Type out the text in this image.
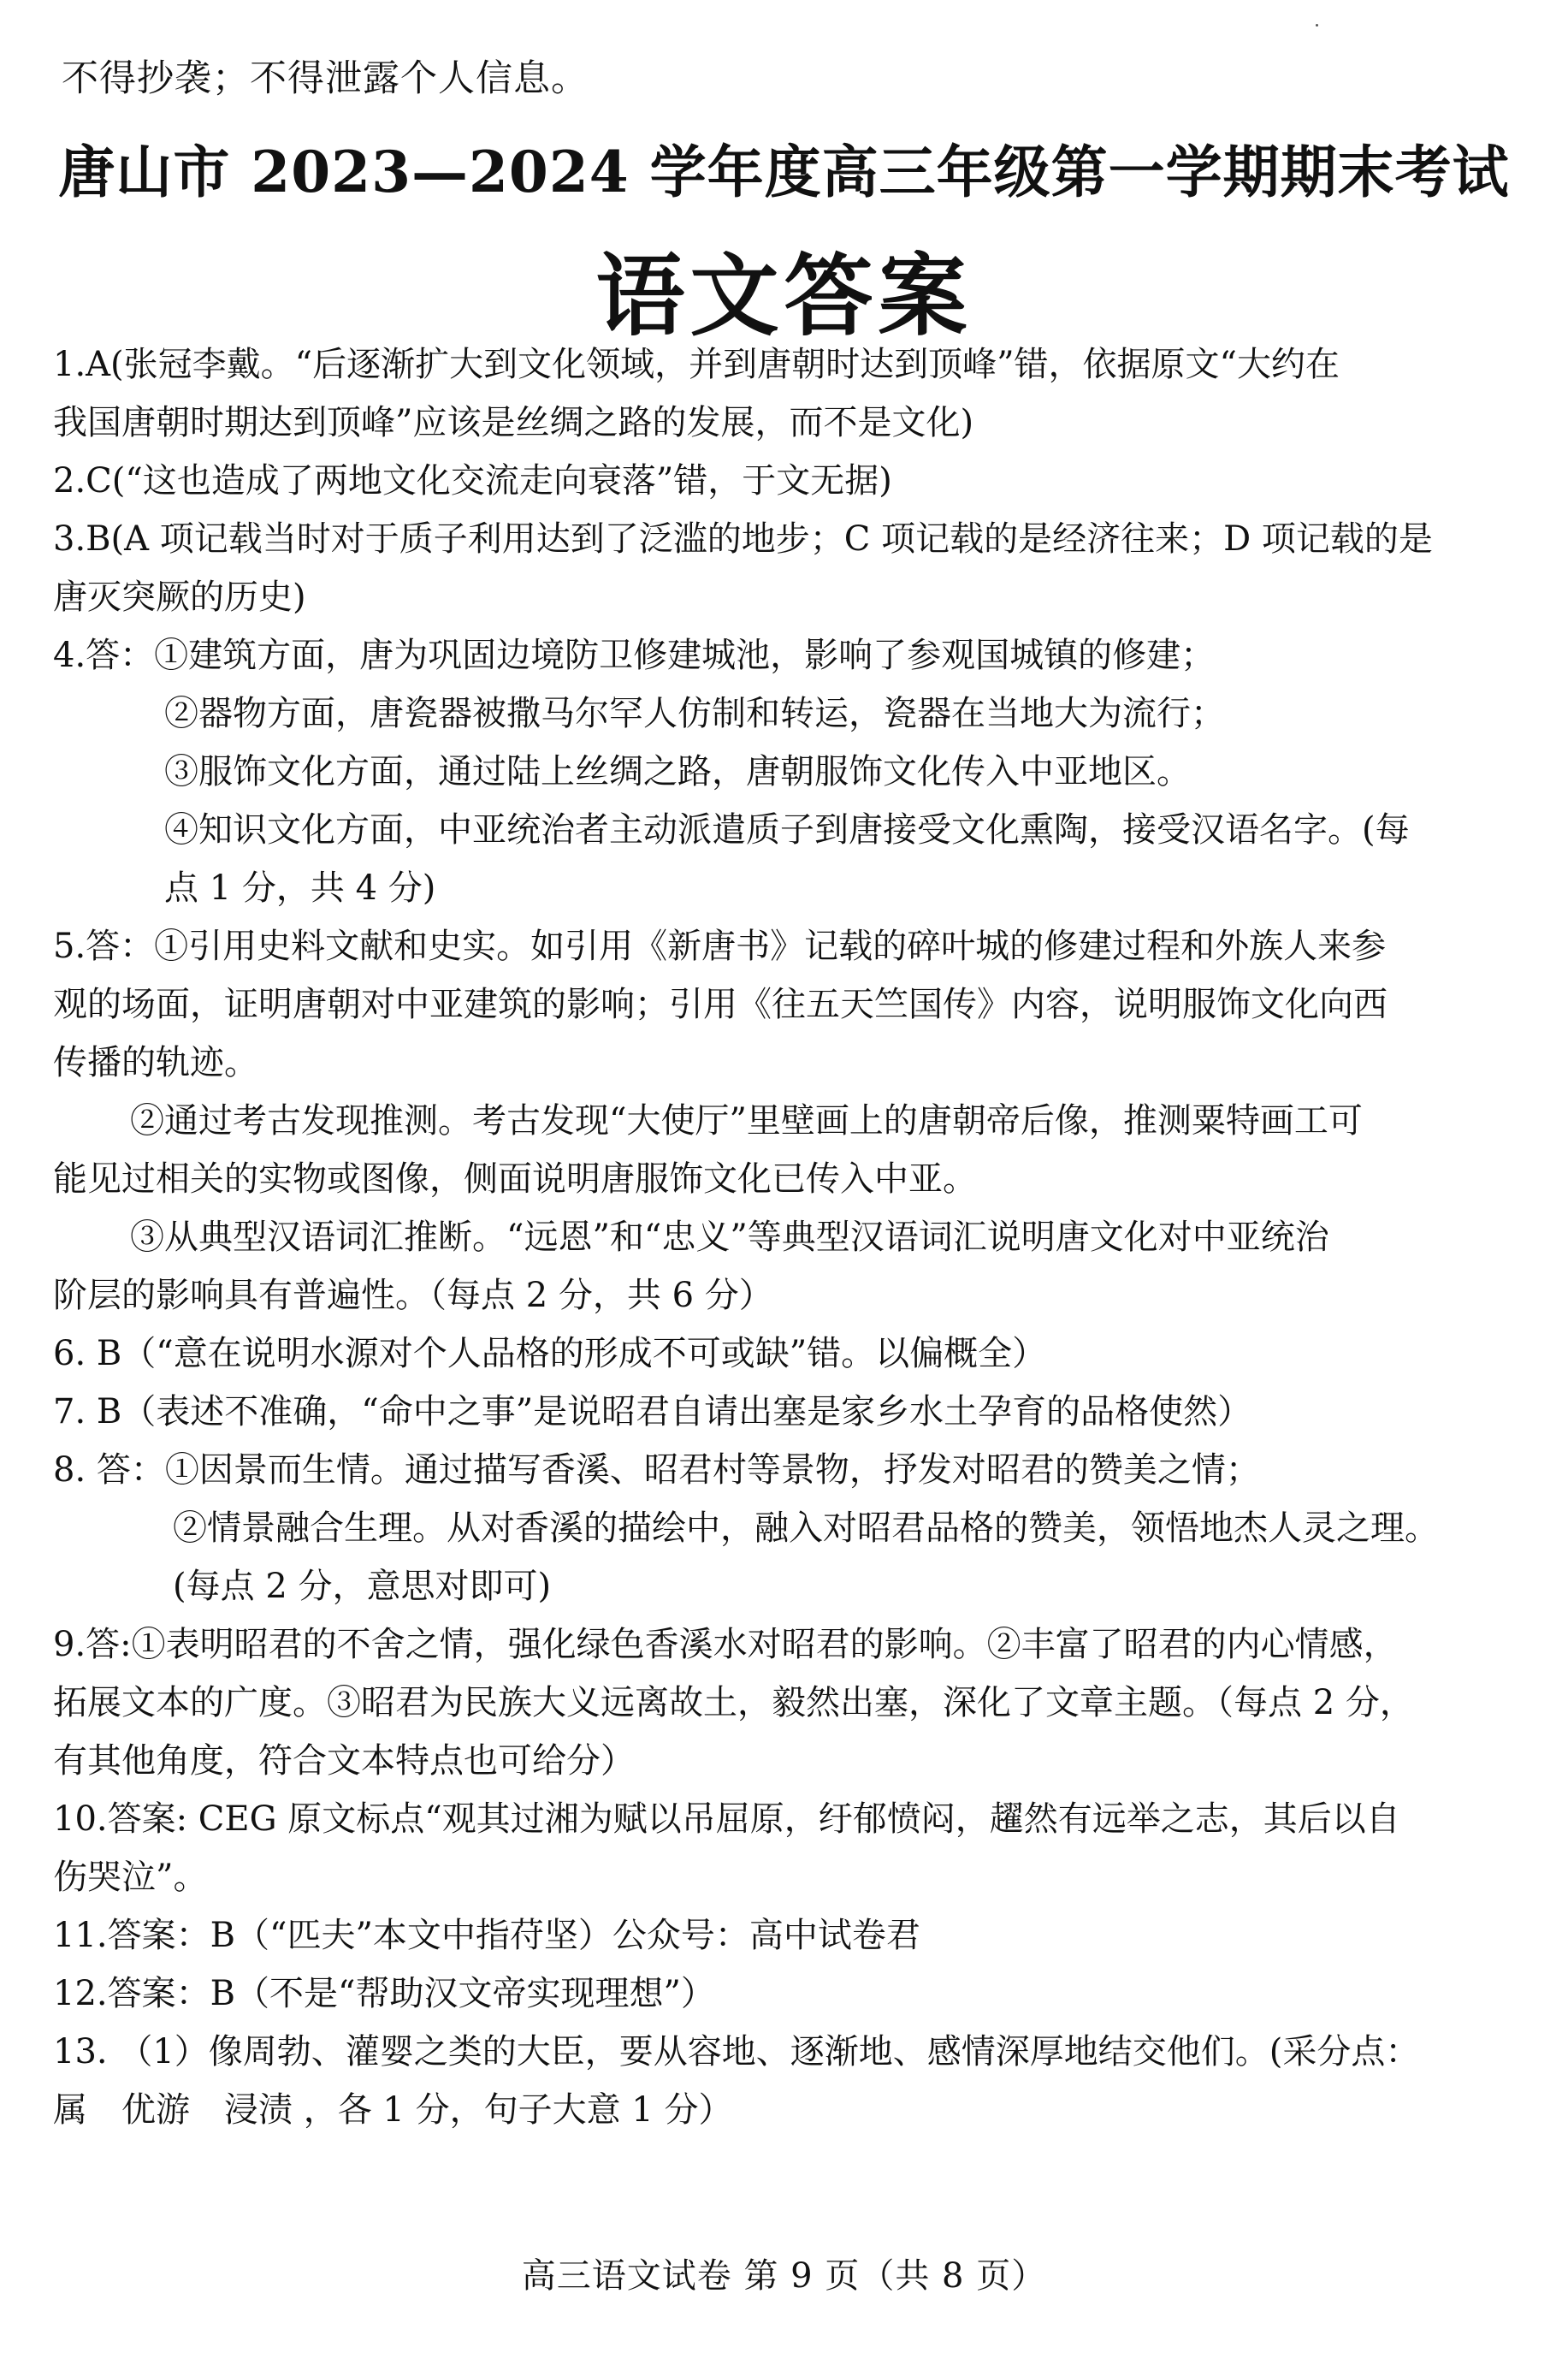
不得抄袭；不得泄露个人信息。
唐山市 2023—2024 学年度高三年级第一学期期末考试
语文答案
1.A(张冠李戴。“后逐渐扩大到文化领域，并到唐朝时达到顶峰”错，依据原文“大约在
我国唐朝时期达到顶峰”应该是丝绸之路的发展，而不是文化)
2.C(“这也造成了两地文化交流走向衰落”错，于文无据)
3.B(A 项记载当时对于质子利用达到了泛滥的地步；C 项记载的是经济往来；D 项记载的是
唐灭突厥的历史)
4.答：①建筑方面，唐为巩固边境防卫修建城池，影响了参观国城镇的修建；
②器物方面，唐瓷器被撒马尔罕人仿制和转运，瓷器在当地大为流行；
③服饰文化方面，通过陆上丝绸之路，唐朝服饰文化传入中亚地区。
④知识文化方面，中亚统治者主动派遣质子到唐接受文化熏陶，接受汉语名字。(每
点 1 分，共 4 分)
5.答：①引用史料文献和史实。如引用《新唐书》记载的碎叶城的修建过程和外族人来参
观的场面，证明唐朝对中亚建筑的影响；引用《往五天竺国传》内容，说明服饰文化向西
传播的轨迹。
②通过考古发现推测。考古发现“大使厅”里壁画上的唐朝帝后像，推测粟特画工可
能见过相关的实物或图像，侧面说明唐服饰文化已传入中亚。
③从典型汉语词汇推断。“远恩”和“忠义”等典型汉语词汇说明唐文化对中亚统治
阶层的影响具有普遍性。（每点 2 分，共 6 分）
6. B（“意在说明水源对个人品格的形成不可或缺”错。以偏概全）
7. B（表述不准确，“命中之事”是说昭君自请出塞是家乡水土孕育的品格使然）
8. 答：①因景而生情。通过描写香溪、昭君村等景物，抒发对昭君的赞美之情；
②情景融合生理。从对香溪的描绘中，融入对昭君品格的赞美，领悟地杰人灵之理。
(每点 2 分，意思对即可)
9.答:①表明昭君的不舍之情，强化绿色香溪水对昭君的影响。②丰富了昭君的内心情感，
拓展文本的广度。③昭君为民族大义远离故土，毅然出塞，深化了文章主题。（每点 2 分，
有其他角度，符合文本特点也可给分）
10.答案: CEG 原文标点“观其过湘为赋以吊屈原，纡郁愤闷，趯然有远举之志，其后以自
伤哭泣”。
11.答案：B（“匹夫”本文中指苻坚）公众号：高中试卷君
12.答案：B（不是“帮助汉文帝实现理想”）
13. （1）像周勃、灌婴之类的大臣，要从容地、逐渐地、感情深厚地结交他们。(采分点：
属　优游　浸渍 ，各 1 分，句子大意 1 分）
高三语文试卷 第 9 页（共 8 页）
